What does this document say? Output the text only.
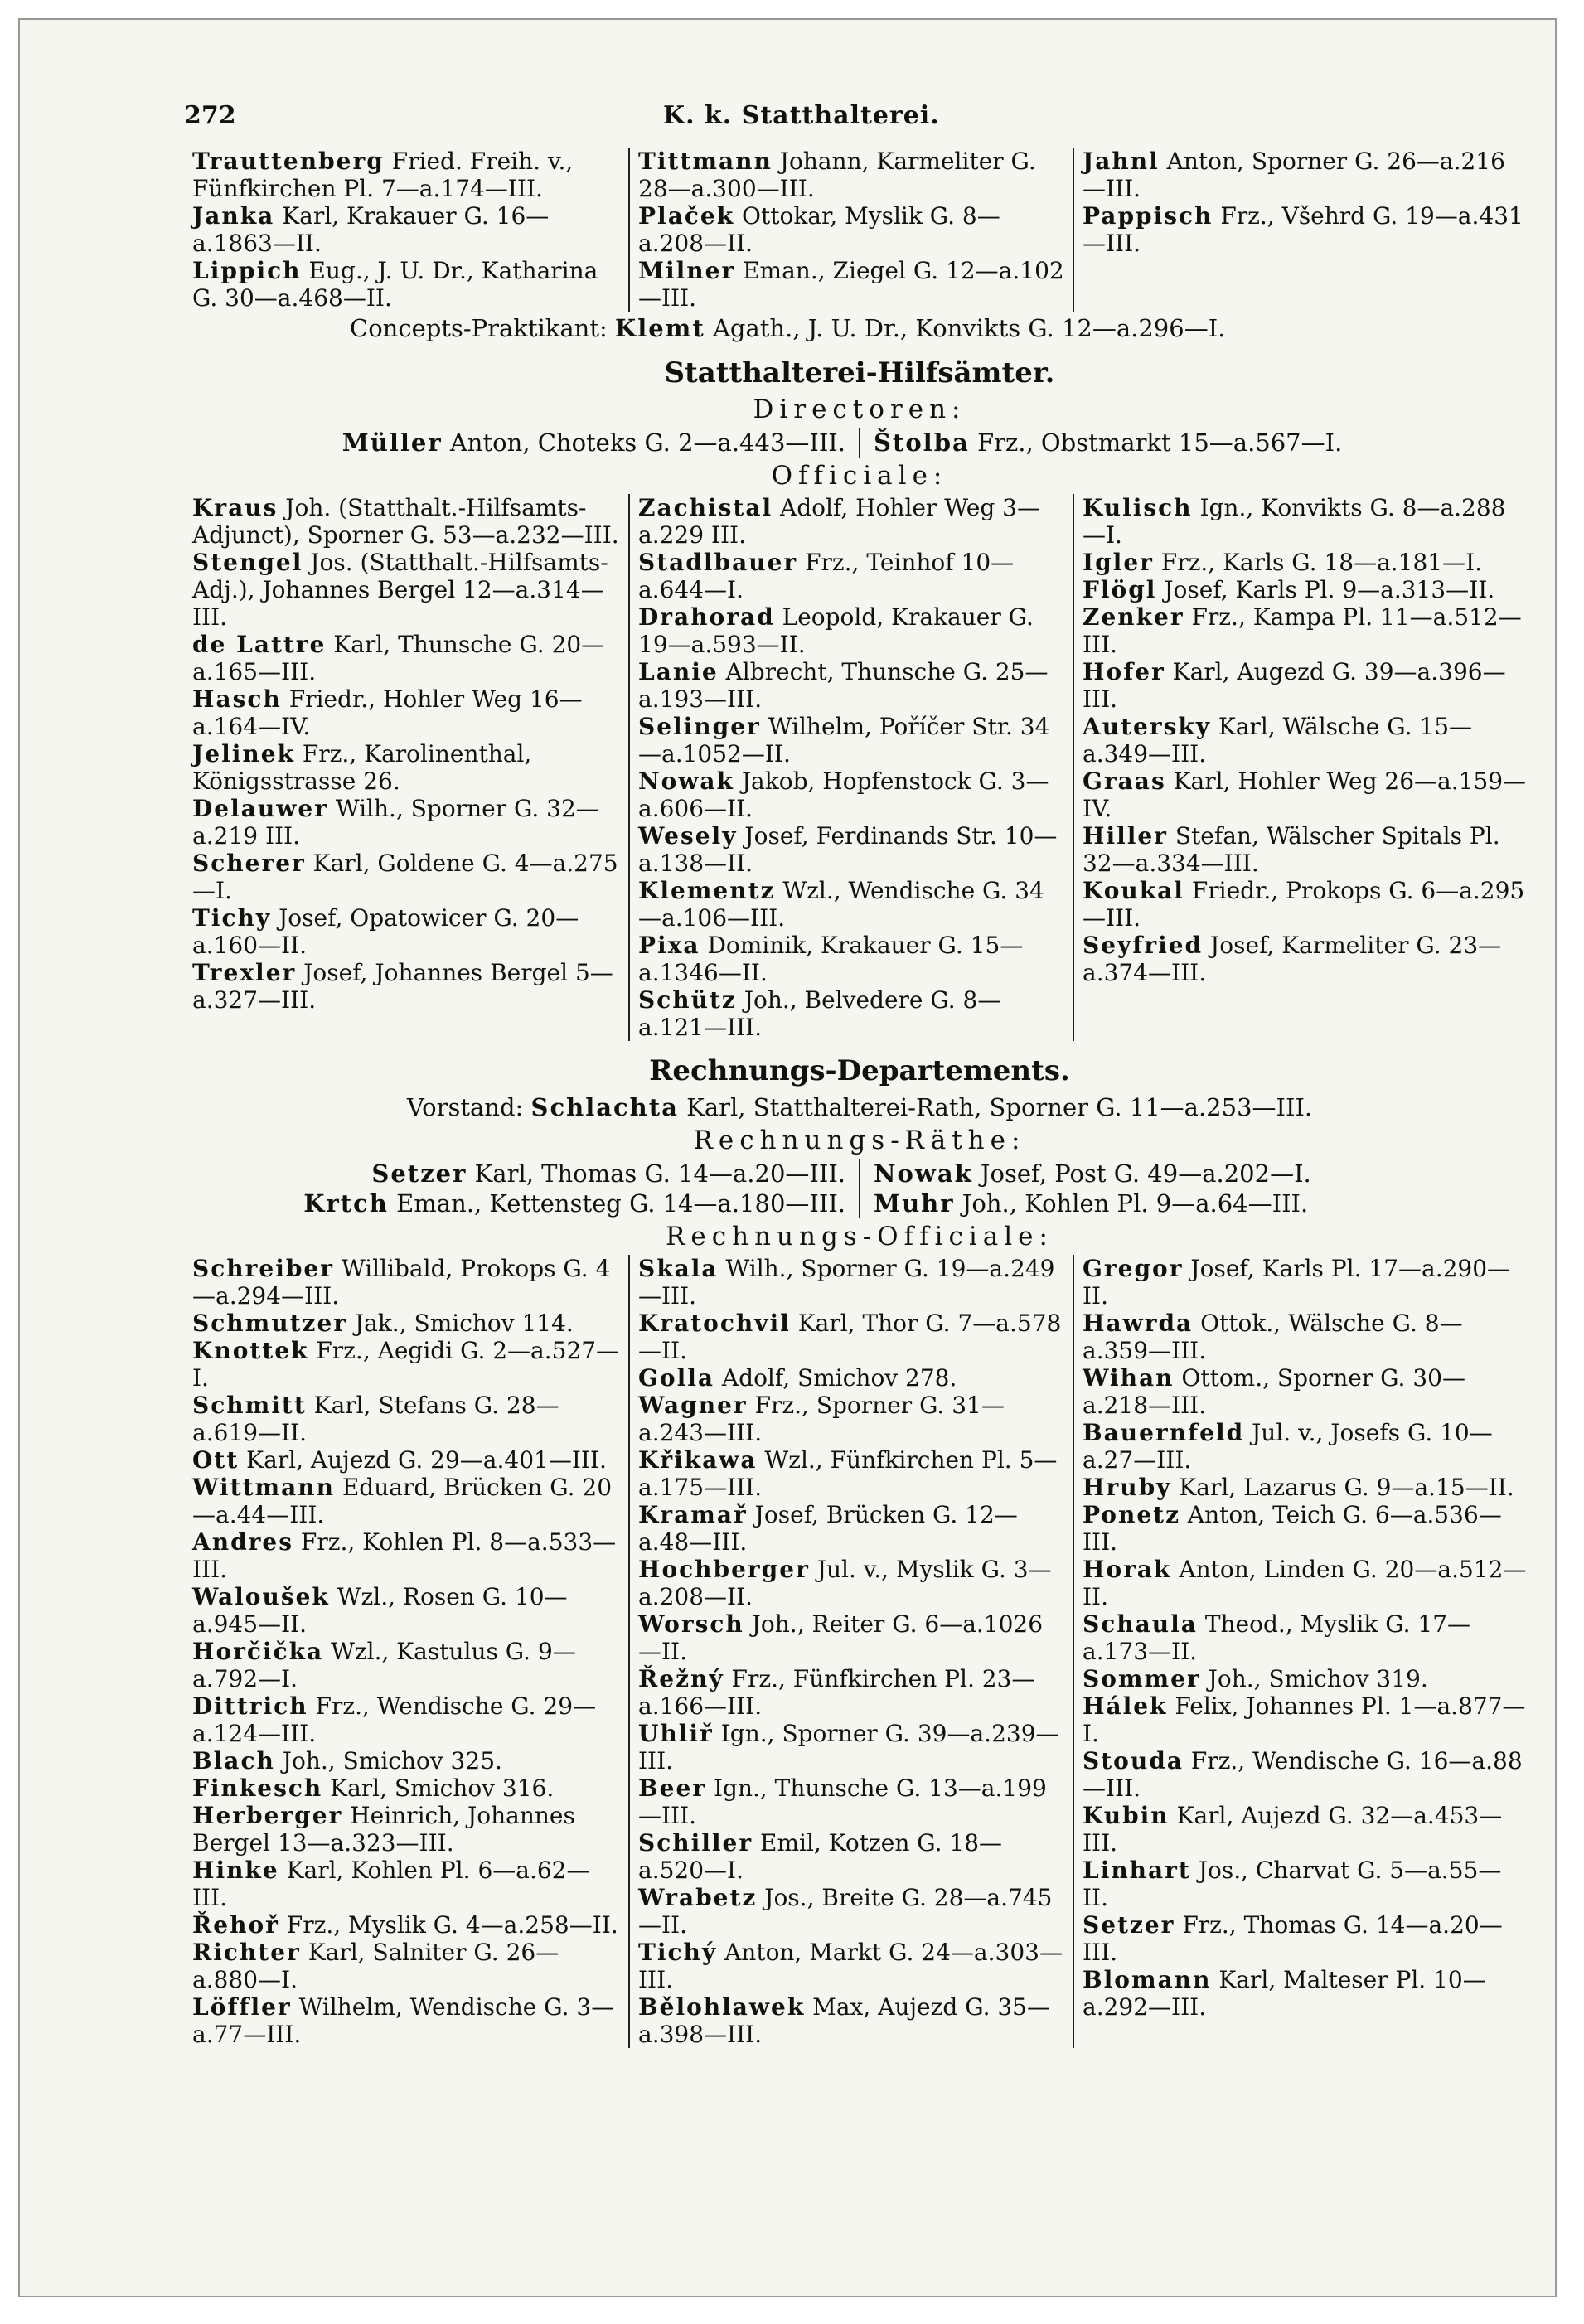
272	K. k. Statthalterei.
Trauttenberg Fried. Freih. v., Fünfkirchen Pl. 7—a.174—III.
Janka Karl, Krakauer G. 16—a.1863—II.
Lippich Eug., J. U. Dr., Katharina G. 30—a.468—II.
Tittmann Johann, Karmeliter G. 28—a.300—III.
Plaček Ottokar, Myslik G. 8—a.208—II.
Milner Eman., Ziegel G. 12—a.102—III.
Jahnl Anton, Sporner G. 26—a.216—III.
Pappisch Frz., Všehrd G. 19—a.431—III.
Concepts-Praktikant: Klemt Agath., J. U. Dr., Konvikts G. 12—a.296—I.
Statthalterei-Hilfsämter.
Directoren:
Müller Anton, Choteks G. 2—a.443—III.	Štolba Frz., Obstmarkt 15—a.567—I.
Officiale:
Kraus Joh. (Statthalt.-Hilfsamts-Adjunct), Sporner G. 53—a.232—III.
Stengel Jos. (Statthalt.-Hilfsamts-Adj.), Johannes Bergel 12—a.314—III.
de Lattre Karl, Thunsche G. 20—a.165—III.
Hasch Friedr., Hohler Weg 16—a.164—IV.
Jelinek Frz., Karolinenthal, Königsstrasse 26.
Delauwer Wilh., Sporner G. 32—a.219 III.
Scherer Karl, Goldene G. 4—a.275—I.
Tichy Josef, Opatowicer G. 20—a.160—II.
Trexler Josef, Johannes Bergel 5—a.327—III.
Zachistal Adolf, Hohler Weg 3—a.229 III.
Stadlbauer Frz., Teinhof 10—a.644—I.
Drahorad Leopold, Krakauer G. 19—a.593—II.
Lanie Albrecht, Thunsche G. 25—a.193—III.
Selinger Wilhelm, Poříčer Str. 34—a.1052—II.
Nowak Jakob, Hopfenstock G. 3—a.606—II.
Wesely Josef, Ferdinands Str. 10—a.138—II.
Klementz Wzl., Wendische G. 34—a.106—III.
Pixa Dominik, Krakauer G. 15—a.1346—II.
Schütz Joh., Belvedere G. 8—a.121—III.
Kulisch Ign., Konvikts G. 8—a.288—I.
Igler Frz., Karls G. 18—a.181—I.
Flögl Josef, Karls Pl. 9—a.313—II.
Zenker Frz., Kampa Pl. 11—a.512—III.
Hofer Karl, Augezd G. 39—a.396—III.
Autersky Karl, Wälsche G. 15—a.349—III.
Graas Karl, Hohler Weg 26—a.159—IV.
Hiller Stefan, Wälscher Spitals Pl. 32—a.334—III.
Koukal Friedr., Prokops G. 6—a.295—III.
Seyfried Josef, Karmeliter G. 23—a.374—III.
Rechnungs-Departements.
Vorstand: Schlachta Karl, Statthalterei-Rath, Sporner G. 11—a.253—III.
Rechnungs-Räthe:
Setzer Karl, Thomas G. 14—a.20—III.
Krtch Eman., Kettensteg G. 14—a.180—III.
Nowak Josef, Post G. 49—a.202—I.
Muhr Joh., Kohlen Pl. 9—a.64—III.
Rechnungs-Officiale:
Schreiber Willibald, Prokops G. 4—a.294—III.
Schmutzer Jak., Smichov 114.
Knottek Frz., Aegidi G. 2—a.527—I.
Schmitt Karl, Stefans G. 28—a.619—II.
Ott Karl, Aujezd G. 29—a.401—III.
Wittmann Eduard, Brücken G. 20—a.44—III.
Andres Frz., Kohlen Pl. 8—a.533—III.
Waloušek Wzl., Rosen G. 10—a.945—II.
Horčička Wzl., Kastulus G. 9—a.792—I.
Dittrich Frz., Wendische G. 29—a.124—III.
Blach Joh., Smichov 325.
Finkesch Karl, Smichov 316.
Herberger Heinrich, Johannes Bergel 13—a.323—III.
Hinke Karl, Kohlen Pl. 6—a.62—III.
Řehoř Frz., Myslik G. 4—a.258—II.
Richter Karl, Salniter G. 26—a.880—I.
Löffler Wilhelm, Wendische G. 3—a.77—III.
Skala Wilh., Sporner G. 19—a.249—III.
Kratochvil Karl, Thor G. 7—a.578—II.
Golla Adolf, Smichov 278.
Wagner Frz., Sporner G. 31—a.243—III.
Křikawa Wzl., Fünfkirchen Pl. 5—a.175—III.
Kramař Josef, Brücken G. 12—a.48—III.
Hochberger Jul. v., Myslik G. 3—a.208—II.
Worsch Joh., Reiter G. 6—a.1026—II.
Řežný Frz., Fünfkirchen Pl. 23—a.166—III.
Uhliř Ign., Sporner G. 39—a.239—III.
Beer Ign., Thunsche G. 13—a.199—III.
Schiller Emil, Kotzen G. 18—a.520—I.
Wrabetz Jos., Breite G. 28—a.745—II.
Tichý Anton, Markt G. 24—a.303—III.
Bělohlawek Max, Aujezd G. 35—a.398—III.
Gregor Josef, Karls Pl. 17—a.290—II.
Hawrda Ottok., Wälsche G. 8—a.359—III.
Wihan Ottom., Sporner G. 30—a.218—III.
Bauernfeld Jul. v., Josefs G. 10—a.27—III.
Hruby Karl, Lazarus G. 9—a.15—II.
Ponetz Anton, Teich G. 6—a.536—III.
Horak Anton, Linden G. 20—a.512—II.
Schaula Theod., Myslik G. 17—a.173—II.
Sommer Joh., Smichov 319.
Hálek Felix, Johannes Pl. 1—a.877—I.
Stouda Frz., Wendische G. 16—a.88—III.
Kubin Karl, Aujezd G. 32—a.453—III.
Linhart Jos., Charvat G. 5—a.55—II.
Setzer Frz., Thomas G. 14—a.20—III.
Blomann Karl, Malteser Pl. 10—a.292—III.
